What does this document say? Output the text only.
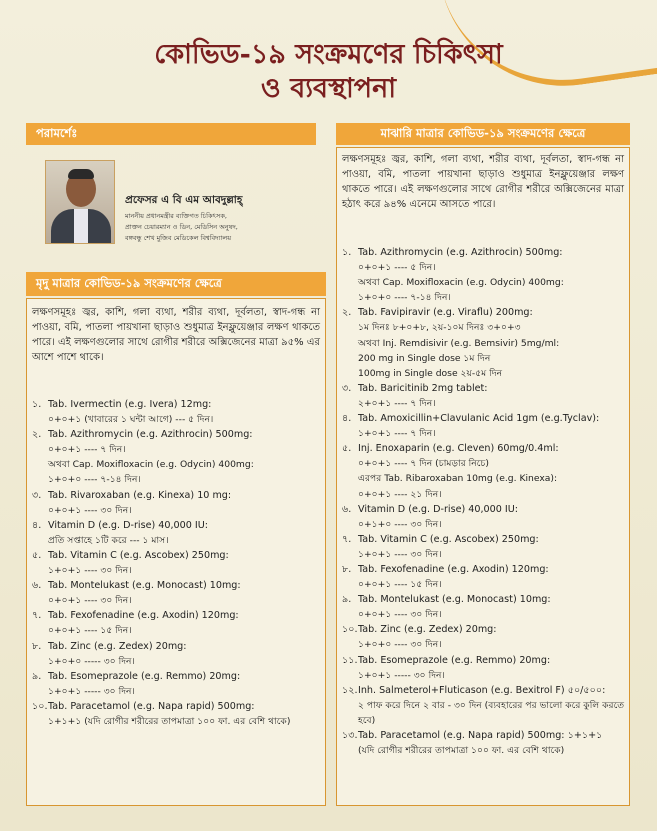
কোভিড-১৯ সংক্রমণের চিকিৎসা
ও ব্যবস্থাপনা
পরামর্শেঃ
প্রফেসর এ বি এম আবদুল্লাহ্
মাননীয় প্রধানমন্ত্রীর ব্যক্তিগত চিকিৎসক,
প্রাক্তন চেয়ারম্যান ও ডিন, মেডিসিন অনুষদ,
বঙ্গবন্ধু শেখ মুজিব মেডিকেল বিশ্ববিদ্যালয়
মৃদু মাত্রার কোভিড-১৯ সংক্রমণের ক্ষেত্রে
লক্ষণসমূহঃ জ্বর, কাশি, গলা ব্যথা, শরীর ব্যথা, দূর্বলতা, স্বাদ-গন্ধ না পাওয়া, বমি, পাতলা পায়খানা ছাড়াও শুধুমাত্র ইনফ্লুয়েঞ্জার লক্ষণ থাকতে পারে। এই লক্ষণগুলোর সাথে রোগীর শরীরে অক্সিজেনের মাত্রা ৯৫% এর আশে পাশে থাকে।
১. Tab. Ivermectin (e.g. Ivera) 12mg:
০+০+১ (খাবারের ১ ঘন্টা আগে) --- ৫ দিন।
২. Tab. Azithromycin (e.g. Azithrocin) 500mg:
০+০+১ ---- ৭ দিন।
অথবা Cap. Moxifloxacin (e.g. Odycin) 400mg:
১+০+০ ---- ৭-১৪ দিন।
৩. Tab. Rivaroxaban (e.g. Kinexa) 10 mg:
০+০+১ ---- ৩০ দিন।
৪. Vitamin D (e.g. D-rise) 40,000 IU:
প্রতি সপ্তাহে ১টি করে --- ১ মাস।
৫. Tab. Vitamin C (e.g. Ascobex) 250mg:
১+০+১ ---- ৩০ দিন।
৬. Tab. Montelukast (e.g. Monocast) 10mg:
০+০+১ ---- ৩০ দিন।
৭. Tab. Fexofenadine (e.g. Axodin) 120mg:
০+০+১ ---- ১৫ দিন।
৮. Tab. Zinc (e.g. Zedex) 20mg:
১+০+০ ----- ৩০ দিন।
৯. Tab. Esomeprazole (e.g. Remmo) 20mg:
১+০+১ ----- ৩০ দিন।
১০.Tab. Paracetamol (e.g. Napa rapid) 500mg:
১+১+১ (যদি রোগীর শরীরের তাপমাত্রা ১০০ ফা. এর বেশি থাকে)
মাঝারি মাত্রার কোভিড-১৯ সংক্রমণের ক্ষেত্রে
লক্ষণসমূহঃ জ্বর, কাশি, গলা ব্যথা, শরীর ব্যথা, দূর্বলতা, স্বাদ-গন্ধ না পাওয়া, বমি, পাতলা পায়খানা ছাড়াও শুধুমাত্র ইনফ্লুয়েঞ্জার লক্ষণ থাকতে পারে। এই লক্ষণগুলোর সাথে রোগীর শরীরে অক্সিজেনের মাত্রা হঠাৎ করে ৯৪% এনেমে আসতে পারে।
১. Tab. Azithromycin (e.g. Azithrocin) 500mg:
০+০+১ ---- ৫ দিন।
অথবা Cap. Moxifloxacin (e.g. Odycin) 400mg:
১+০+০ ---- ৭-১৪ দিন।
২. Tab. Favipiravir (e.g. Viraflu) 200mg:
১ম দিনঃ ৮+০+৮, ২য়-১০ম দিনঃ ৩+০+৩
অথবা Inj. Remdisivir (e.g. Bemsivir) 5mg/ml:
200 mg in Single dose ১ম দিন
100mg in Single dose ২য়-৫ম দিন
৩. Tab. Baricitinib 2mg tablet:
২+০+১ ---- ৭ দিন।
৪. Tab. Amoxicillin+Clavulanic Acid 1gm (e.g.Tyclav):
১+০+১ ---- ৭ দিন।
৫. Inj. Enoxaparin (e.g. Cleven) 60mg/0.4ml:
০+০+১ ---- ৭ দিন (চামড়ার নিচে)
এরপর Tab. Ribaroxaban 10mg (e.g. Kinexa):
০+০+১ ---- ২১ দিন।
৬. Vitamin D (e.g. D-rise) 40,000 IU:
০+১+০ ---- ৩০ দিন।
৭. Tab. Vitamin C (e.g. Ascobex) 250mg:
১+০+১ ---- ৩০ দিন।
৮. Tab. Fexofenadine (e.g. Axodin) 120mg:
০+০+১ ---- ১৫ দিন।
৯. Tab. Montelukast (e.g. Monocast) 10mg:
০+০+১ ---- ৩০ দিন।
১০.Tab. Zinc (e.g. Zedex) 20mg:
১+০+০ ---- ৩০ দিন।
১১.Tab. Esomeprazole (e.g. Remmo) 20mg:
১+০+১ ----- ৩০ দিন।
১২.Inh. Salmeterol+Fluticason (e.g. Bexitrol F) ৫০/৫০০:
২ পাফ করে দিনে ২ বার - ৩০ দিন (ব্যবহারের পর ভালো করে কুলি করতে হবে)
১৩.Tab. Paracetamol (e.g. Napa rapid) 500mg: ১+১+১
(যদি রোগীর শরীরের তাপমাত্রা ১০০ ফা. এর বেশি থাকে)
